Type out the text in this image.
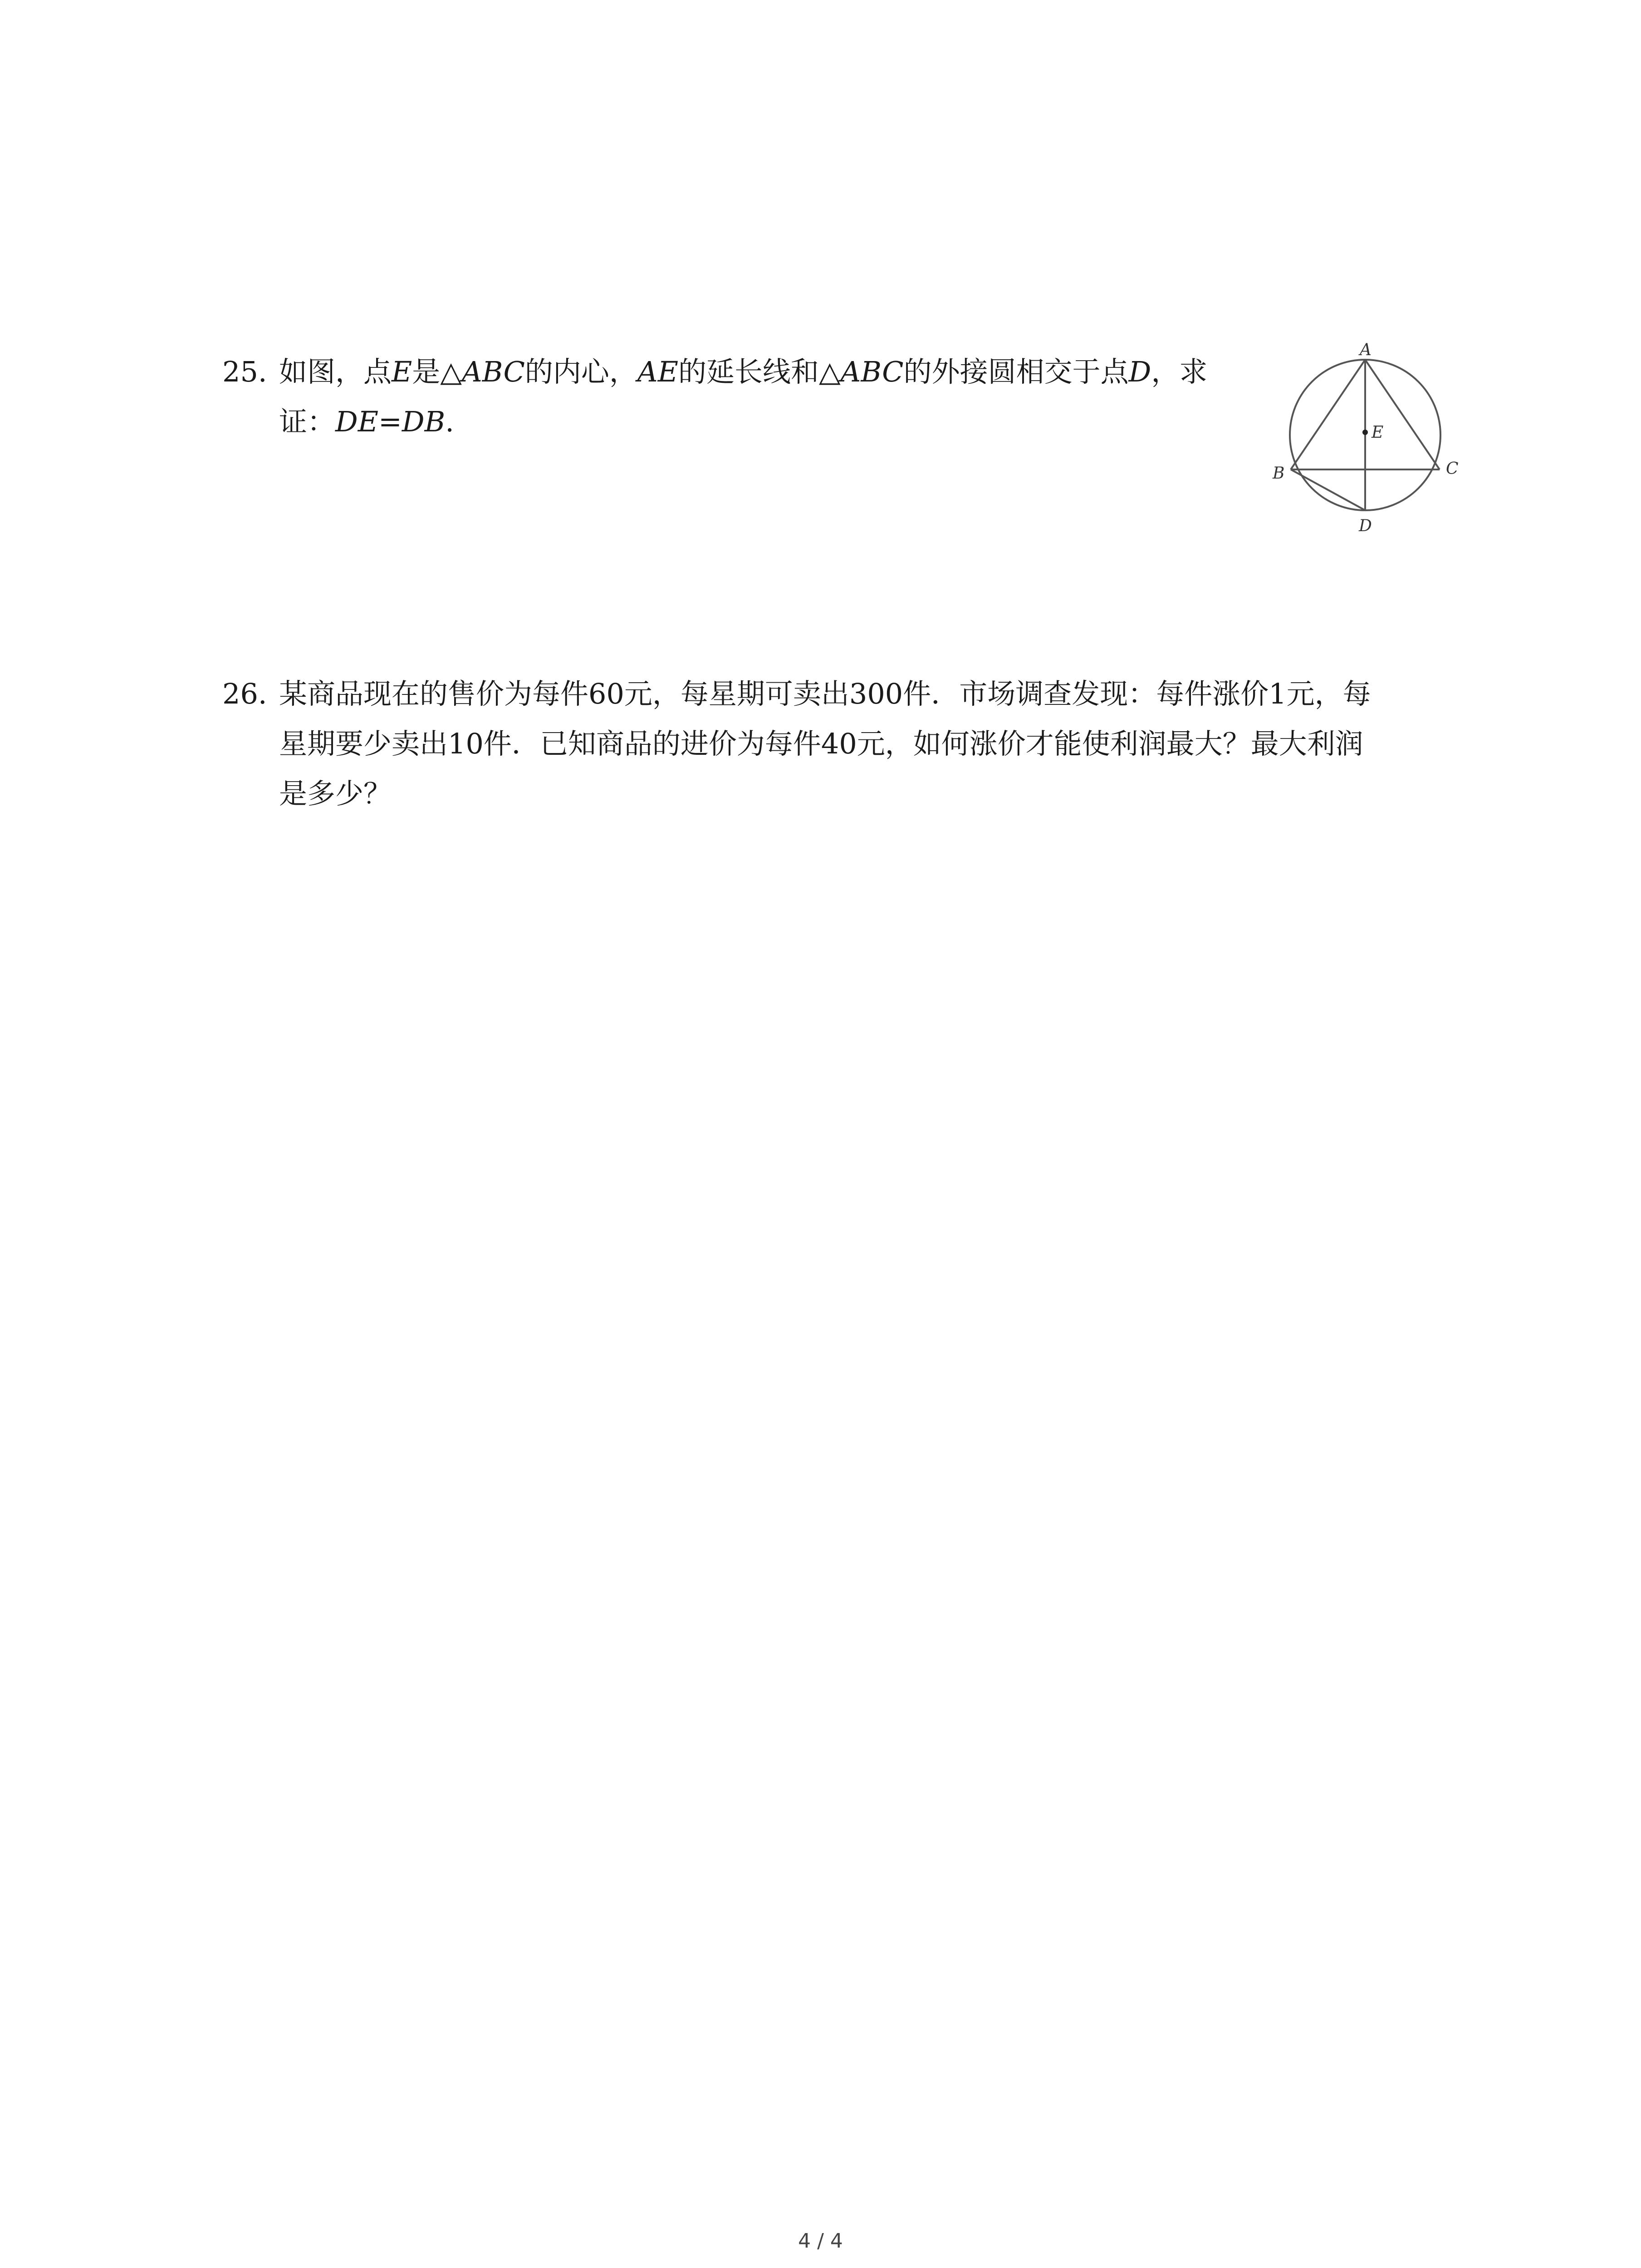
25. 如图，点E是△ABC的内心，AE的延长线和△ABC的外接圆相交于点D，求
证：DE=DB.
A
B	C
D
E
26. 某商品现在的售价为每件60元，每星期可卖出300件．市场调查发现：每件涨价1元，每
星期要少卖出10件．已知商品的进价为每件40元，如何涨价才能使利润最大？最大利润
是多少？
4 / 4
